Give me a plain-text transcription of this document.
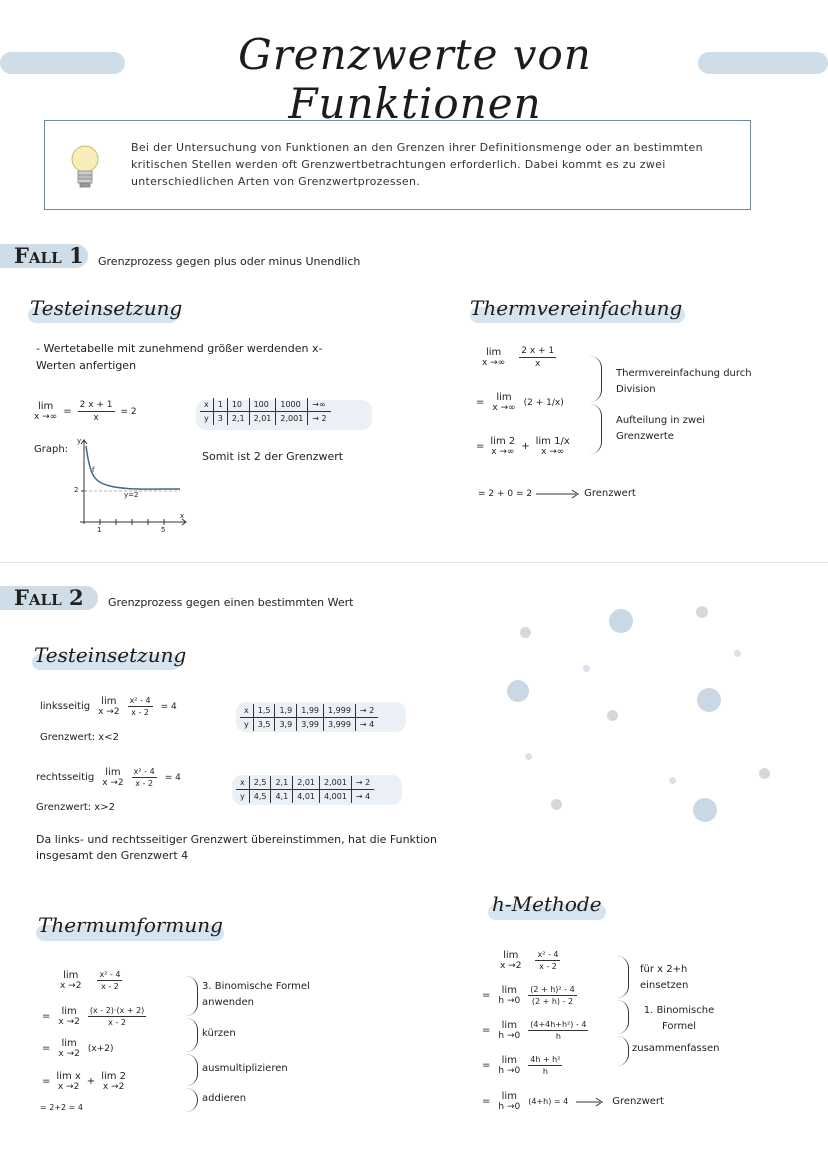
Grenzwerte von Funktionen
Bei der Untersuchung von Funktionen an den Grenzen ihrer Definitionsmenge oder an bestimmten kritischen Stellen werden oft Grenzwertbetrachtungen erforderlich. Dabei kommt es zu zwei unterschiedlichen Arten von Grenzwertprozessen.
Fall 1 Grenzprozess gegen plus oder minus Unendlich
Testeinsetzung
- Wertetabelle mit zunehmend größer werdenden x-Werten anfertigen
lim
x →∞ = $\frac{2 x + 1}{x} = 2$
x	1	10	100	1000	→∞
y	3	2,1	2,01	2,001	→ 2
Graph:
y
f
2
y=2
1	5
x
Somit ist 2 der Grenzwert
Thermvereinfachung
lim
x →∞ $\frac{2 x + 1}{x}$
= lim
x →∞
(2 + 1/x)
= lim 2
x →∞ + lim 1/x
x →∞
Thermvereinfachung durch Division
Aufteilung in zwei Grenzwerte
= 2 + 0 = 2	Grenzwert
Fall 2 Grenzprozess gegen einen bestimmten Wert
Testeinsetzung
linksseitig lim
$x \to 2 \frac{\text{x² - 4}}{x - 2} = 4$	x	1,5	1,9	1,99	1,999	→ 2
y	3,5	3,9	3,99	3,999	→ 4
Grenzwert: x<2
rechtsseitig lim
$x \to 2 \frac{\text{x² - 4}}{x - 2} = 4$	x	2,5	2,1	2,01	2,001	→ 2
y	4,5	4,1	4,01	4,001	→ 4
Grenzwert: x>2
Da links- und rechtsseitiger Grenzwert übereinstimmen, hat die Funktion insgesamt den Grenzwert 4
Thermumformung
lim
$x \to 2 \frac{\text{x² - 4}}{x - 2}$
= lim
$x \to 2 \frac{(x - 2)\cdot(x + 2)}{x - 2}$
= lim
x →2
(x+2)
= lim x
x →2 + lim 2
x →2
= 2+2 = 4
3. Binomische Formel anwenden
kürzen
ausmultiplizieren
addieren
h-Methode
lim
$x \to 2 \frac{\text{x² - 4}}{x - 2}$
= lim
$h \to 0 \frac{\text{(2 + h)² - 4}}{(2 + h) - 2}$
= lim
$h \to 0 \frac{\text{(4+4h+h²) - 4}}{h}$
= lim
$h \to 0 \frac{\text{4h + h²}}{h}$
= lim
h →0
(4+h) = 4	Grenzwert
für x 2+h einsetzen
1. Binomische Formel
zusammenfassen
